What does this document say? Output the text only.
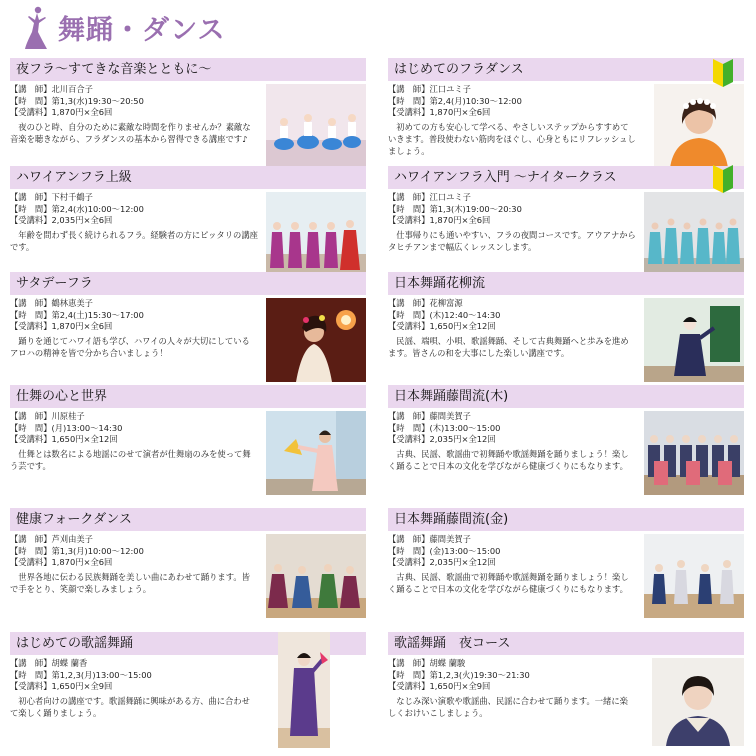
舞踊・ダンス
夜フラ〜すてきな音楽とともに〜
【講　師】北川百合子
【時　間】第1,3(水)19:30〜20:50
【受講料】1,870円×全6回
夜のひと時、自分のために素敵な時間を作りませんか？素敵な音楽を聴きながら、フラダンスの基本から習得できる講座です♪
ハワイアンフラ上級
【講　師】下村千鶴子
【時　間】第2,4(水)10:00〜12:00
【受講料】2,035円×全6回
年齢を問わず長く続けられるフラ。経験者の方にピッタリの講座です。
サタデーフラ
【講　師】鶴林恵美子
【時　間】第2,4(土)15:30〜17:00
【受講料】1,870円×全6回
踊りを通じてハワイ語も学び、ハワイの人々が大切にしているアロハの精神を皆で分かち合いましょう！
仕舞の心と世界
【講　師】川原桂子
【時　間】(月)13:00〜14:30
【受講料】1,650円×全12回
仕舞とは数名による地謡にのせて演者が仕舞扇のみを使って舞う芸です。
健康フォークダンス
【講　師】芦刈由美子
【時　間】第1,3(月)10:00〜12:00
【受講料】1,870円×全6回
世界各地に伝わる民族舞踊を美しい曲にあわせて踊ります。皆で手をとり、笑顔で楽しみましょう。
はじめての歌謡舞踊
【講　師】胡蝶 蘭香
【時　間】第1,2,3(月)13:00〜15:00
【受講料】1,650円×全9回
初心者向けの講座です。歌謡舞踊に興味がある方、曲に合わせて楽しく踊りましょう。
はじめてのフラダンス
【講　師】江口ユミ子
【時　間】第2,4(月)10:30〜12:00
【受講料】1,870円×全6回
初めての方も安心して学べる、やさしいステップからすすめていきます。普段使わない筋肉をほぐし、心身ともにリフレッシュしましょう。
ハワイアンフラ入門 〜ナイタークラス
【講　師】江口ユミ子
【時　間】第1,3(木)19:00〜20:30
【受講料】1,870円×全6回
仕事帰りにも通いやすい、フラの夜間コースです。アウアナからタヒチアンまで幅広くレッスンします。
日本舞踊花柳流
【講　師】花柳富源
【時　間】(木)12:40〜14:30
【受講料】1,650円×全12回
民謡、端唄、小唄、歌謡舞踊、そして古典舞踊へと歩みを進めます。皆さんの和を大事にした楽しい講座です。
日本舞踊藤間流(木)
【講　師】藤間美賀子
【時　間】(木)13:00〜15:00
【受講料】2,035円×全12回
古典、民謡、歌謡曲で初舞踊や歌謡舞踊を踊りましょう！楽しく踊ることで日本の文化を学びながら健康づくりにもなります。
日本舞踊藤間流(金)
【講　師】藤間美賀子
【時　間】(金)13:00〜15:00
【受講料】2,035円×全12回
古典、民謡、歌謡曲で初舞踊や歌謡舞踊を踊りましょう！楽しく踊ることで日本の文化を学びながら健康づくりにもなります。
歌謡舞踊　夜コース
【講　師】胡蝶 蘭駿
【時　間】第1,2,3(火)19:30〜21:30
【受講料】1,650円×全9回
なじみ深い演歌や歌謡曲、民謡に合わせて踊ります。一緒に楽しくおけいこしましょう。
